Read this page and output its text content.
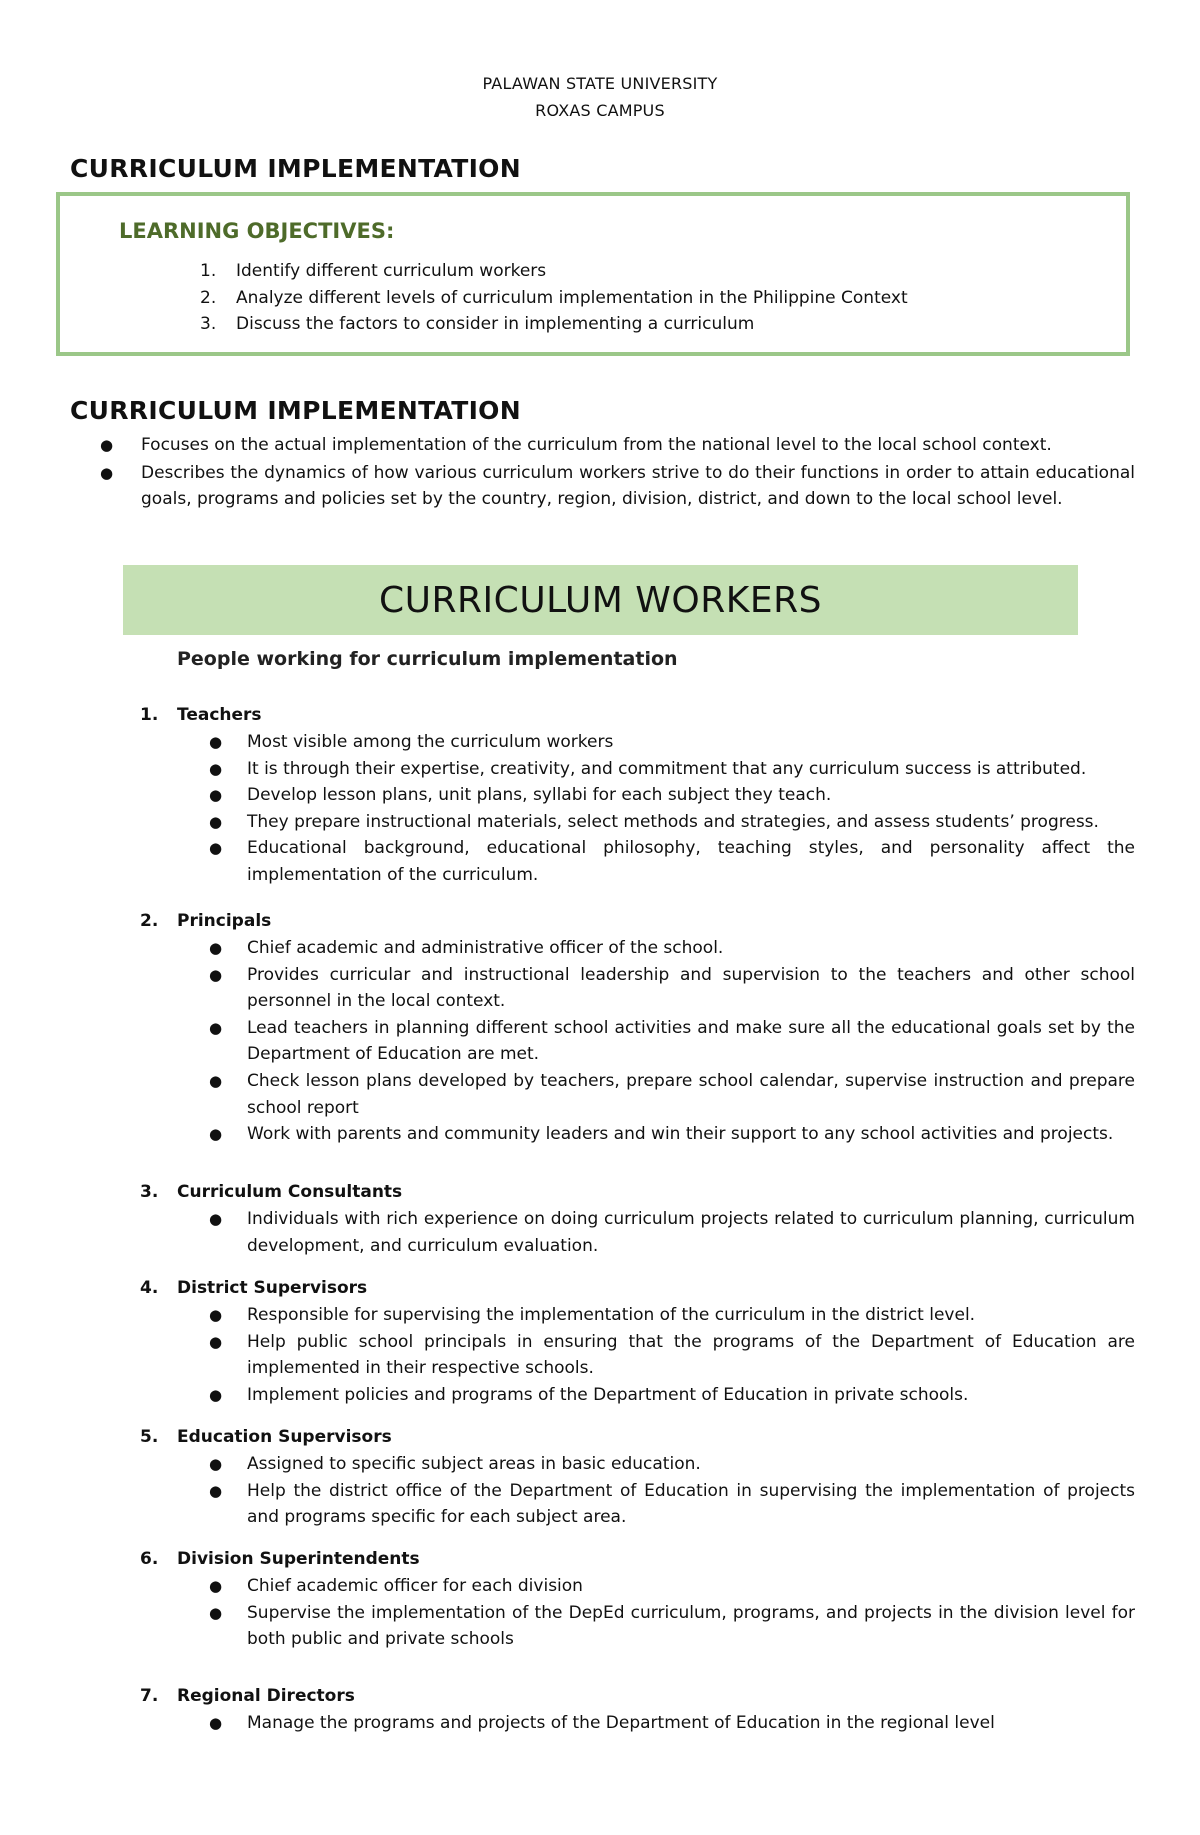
PALAWAN STATE UNIVERSITY
ROXAS CAMPUS
CURRICULUM IMPLEMENTATION
LEARNING OBJECTIVES:
1. Identify different curriculum workers
2. Analyze different levels of curriculum implementation in the Philippine Context
3. Discuss the factors to consider in implementing a curriculum
CURRICULUM IMPLEMENTATION
● Focuses on the actual implementation of the curriculum from the national level to the local school context.
● Describes the dynamics of how various curriculum workers strive to do their functions in order to attain educational goals, programs and policies set by the country, region, division, district, and down to the local school level.
CURRICULUM WORKERS
People working for curriculum implementation
1. Teachers
● Most visible among the curriculum workers
● It is through their expertise, creativity, and commitment that any curriculum success is attributed.
● Develop lesson plans, unit plans, syllabi for each subject they teach.
● They prepare instructional materials, select methods and strategies, and assess students’ progress.
● Educational background, educational philosophy, teaching styles, and personality affect the implementation of the curriculum.
2. Principals
● Chief academic and administrative officer of the school.
● Provides curricular and instructional leadership and supervision to the teachers and other school personnel in the local context.
● Lead teachers in planning different school activities and make sure all the educational goals set by the Department of Education are met.
● Check lesson plans developed by teachers, prepare school calendar, supervise instruction and prepare school report
● Work with parents and community leaders and win their support to any school activities and projects.
3. Curriculum Consultants
● Individuals with rich experience on doing curriculum projects related to curriculum planning, curriculum development, and curriculum evaluation.
4. District Supervisors
● Responsible for supervising the implementation of the curriculum in the district level.
● Help public school principals in ensuring that the programs of the Department of Education are implemented in their respective schools.
● Implement policies and programs of the Department of Education in private schools.
5. Education Supervisors
● Assigned to specific subject areas in basic education.
● Help the district office of the Department of Education in supervising the implementation of projects and programs specific for each subject area.
6. Division Superintendents
● Chief academic officer for each division
● Supervise the implementation of the DepEd curriculum, programs, and projects in the division level for both public and private schools
7. Regional Directors
● Manage the programs and projects of the Department of Education in the regional level
